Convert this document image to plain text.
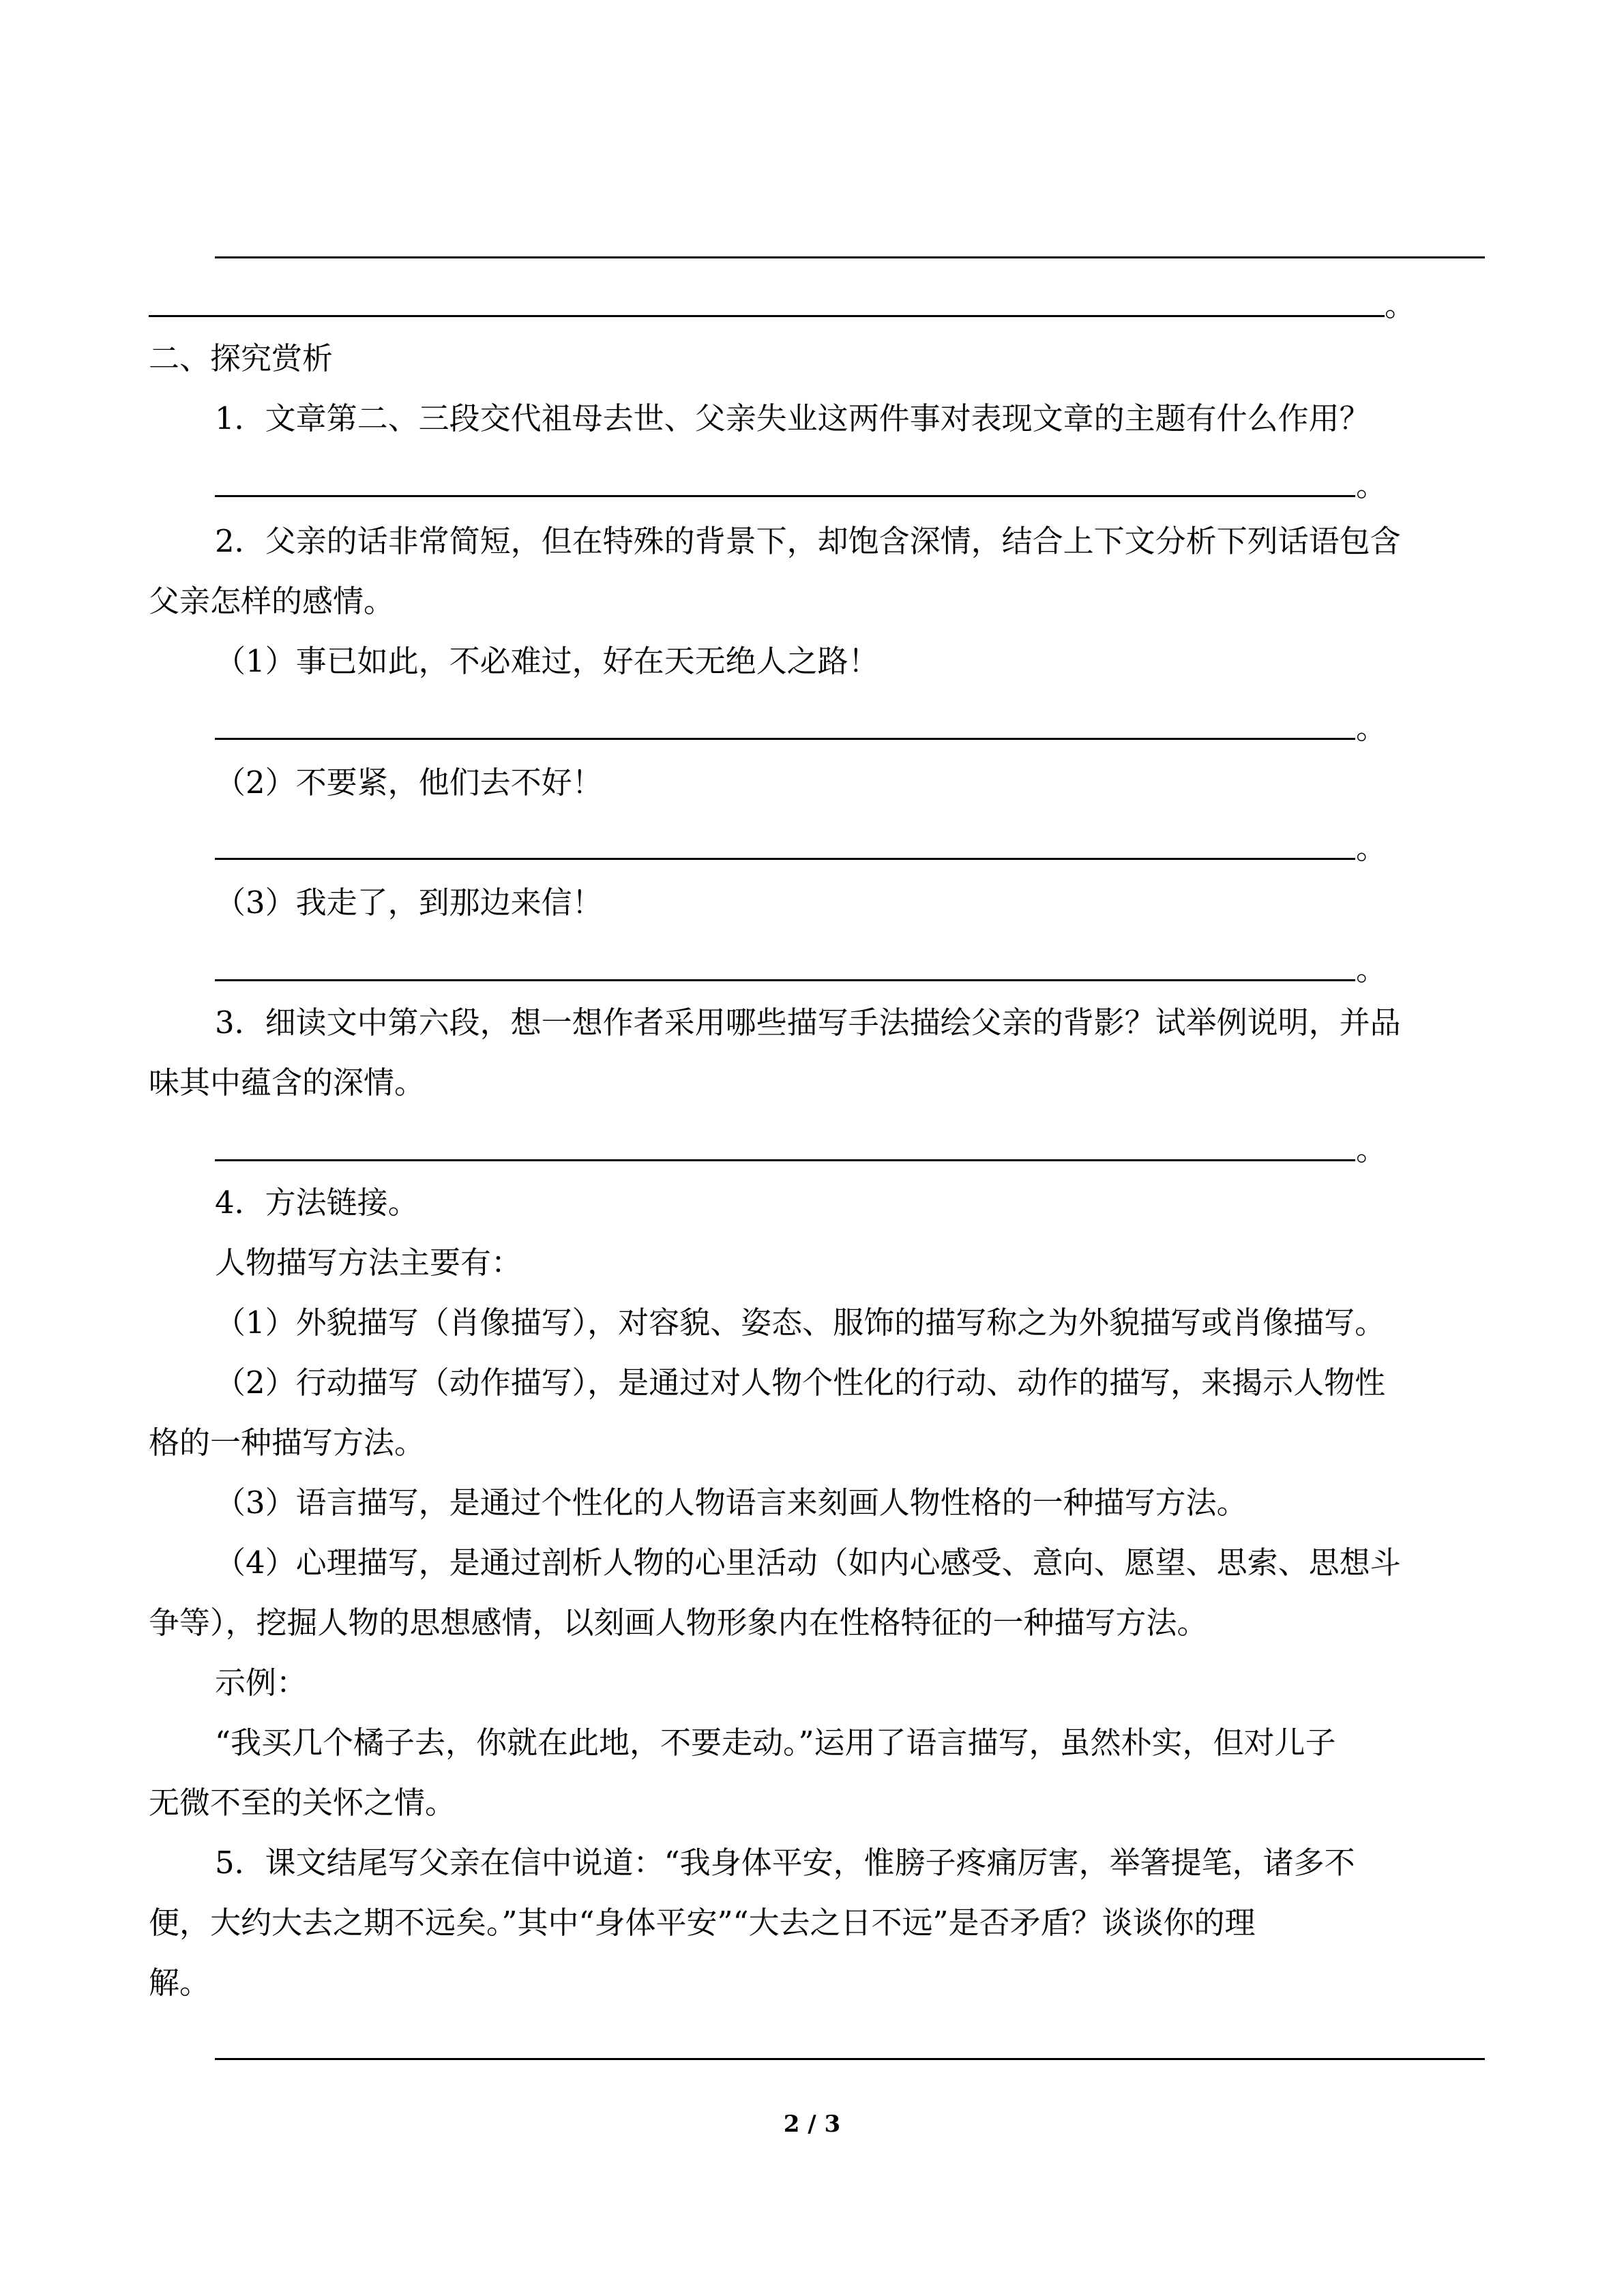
。
二、探究赏析
1．文章第二、三段交代祖母去世、父亲失业这两件事对表现文章的主题有什么作用？
。
2．父亲的话非常简短，但在特殊的背景下，却饱含深情，结合上下文分析下列话语包含
父亲怎样的感情。
（1）事已如此，不必难过，好在天无绝人之路！
。
（2）不要紧，他们去不好！
。
（3）我走了，到那边来信！
。
3．细读文中第六段，想一想作者采用哪些描写手法描绘父亲的背影？试举例说明，并品
味其中蕴含的深情。
。
4．方法链接。
人物描写方法主要有：
（1）外貌描写（肖像描写），对容貌、姿态、服饰的描写称之为外貌描写或肖像描写。
（2）行动描写（动作描写），是通过对人物个性化的行动、动作的描写，来揭示人物性
格的一种描写方法。
（3）语言描写，是通过个性化的人物语言来刻画人物性格的一种描写方法。
（4）心理描写，是通过剖析人物的心里活动（如内心感受、意向、愿望、思索、思想斗
争等），挖掘人物的思想感情，以刻画人物形象内在性格特征的一种描写方法。
示例：
“我买几个橘子去，你就在此地，不要走动。”运用了语言描写，虽然朴实，但对儿子
无微不至的关怀之情。
5．课文结尾写父亲在信中说道：“我身体平安，惟膀子疼痛厉害，举箸提笔，诸多不
便，大约大去之期不远矣。”其中“身体平安”“大去之日不远”是否矛盾？谈谈你的理
解。
2 / 3
